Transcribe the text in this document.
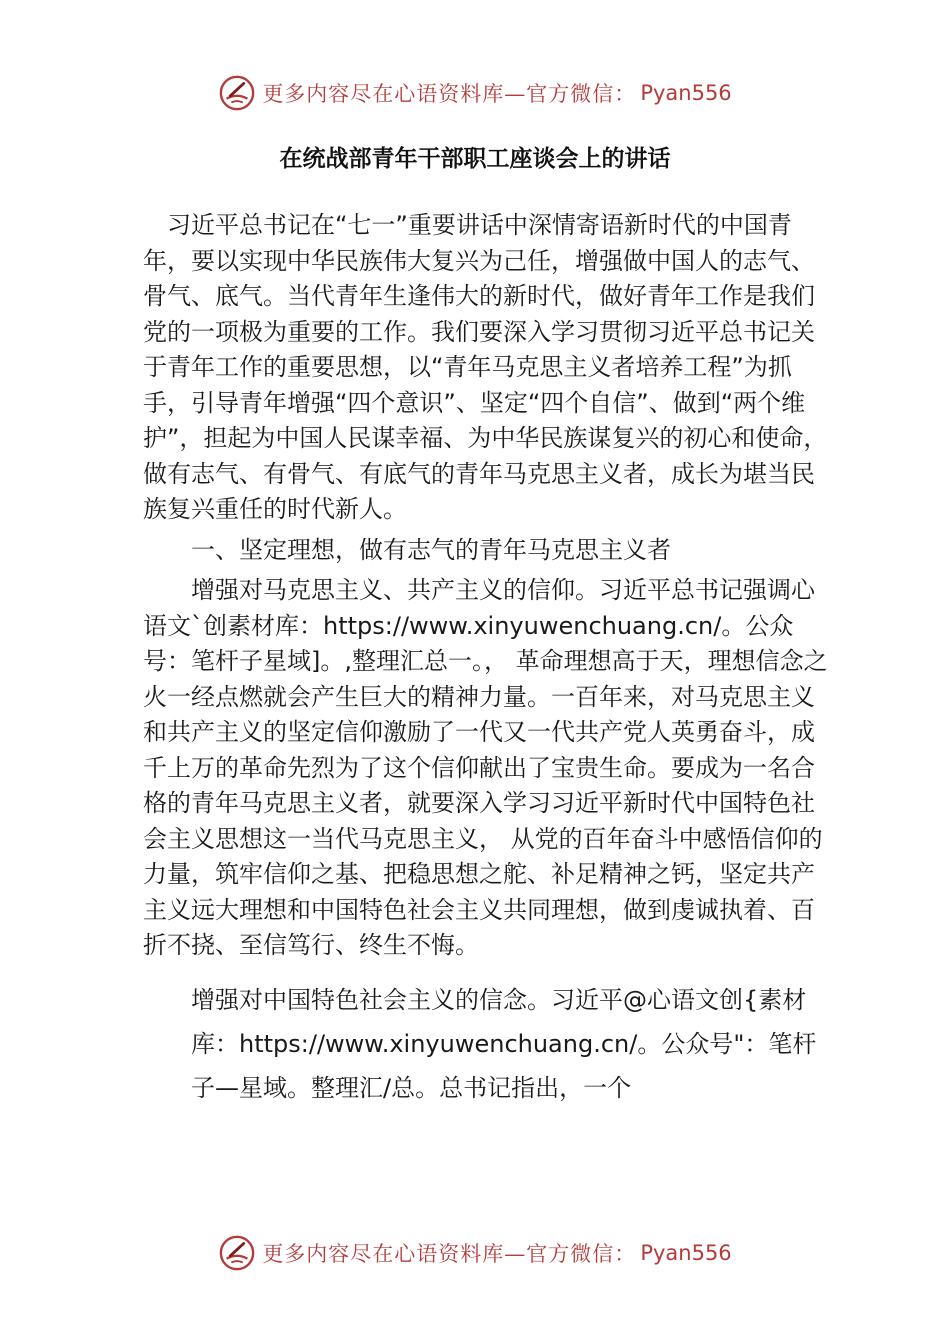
更多内容尽在心语资料库—官方微信： Pyan556
在统战部青年干部职工座谈会上的讲话

习近平总书记在“七一”重要讲话中深情寄语新时代的中国青年，要以实现中华民族伟大复兴为己任，增强做中国人的志气、骨气、底气。当代青年生逢伟大的新时代，做好青年工作是我们党的一项极为重要的工作。我们要深入学习贯彻习近平总书记关于青年工作的重要思想，以“青年马克思主义者培养工程”为抓手，引导青年增强“四个意识”、坚定“四个自信”、做到“两个维护”，担起为中国人民谋幸福、为中华民族谋复兴的初心和使命，做有志气、有骨气、有底气的青年马克思主义者，成长为堪当民族复兴重任的时代新人。

一、坚定理想，做有志气的青年马克思主义者

增强对马克思主义、共产主义的信仰。习近平总书记强调心语文`创素材库：https://www.xinyuwenchuang.cn/。公众号：笔杆子星域]。,整理汇总一。， 革命理想高于天，理想信念之火一经点燃就会产生巨大的精神力量。一百年来，对马克思主义和共产主义的坚定信仰激励了一代又一代共产党人英勇奋斗，成千上万的革命先烈为了这个信仰献出了宝贵生命。要成为一名合格的青年马克思主义者，就要深入学习习近平新时代中国特色社会主义思想这一当代马克思主义， 从党的百年奋斗中感悟信仰的力量，筑牢信仰之基、把稳思想之舵、补足精神之钙，坚定共产主义远大理想和中国特色社会主义共同理想，做到虔诚执着、百折不挠、至信笃行、终生不悔。

增强对中国特色社会主义的信念。习近平@心语文创{素材库：https://www.xinyuwenchuang.cn/。公众号"：笔杆子—星域。整理汇/总。总书记指出，一个

更多内容尽在心语资料库—官方微信： Pyan556
